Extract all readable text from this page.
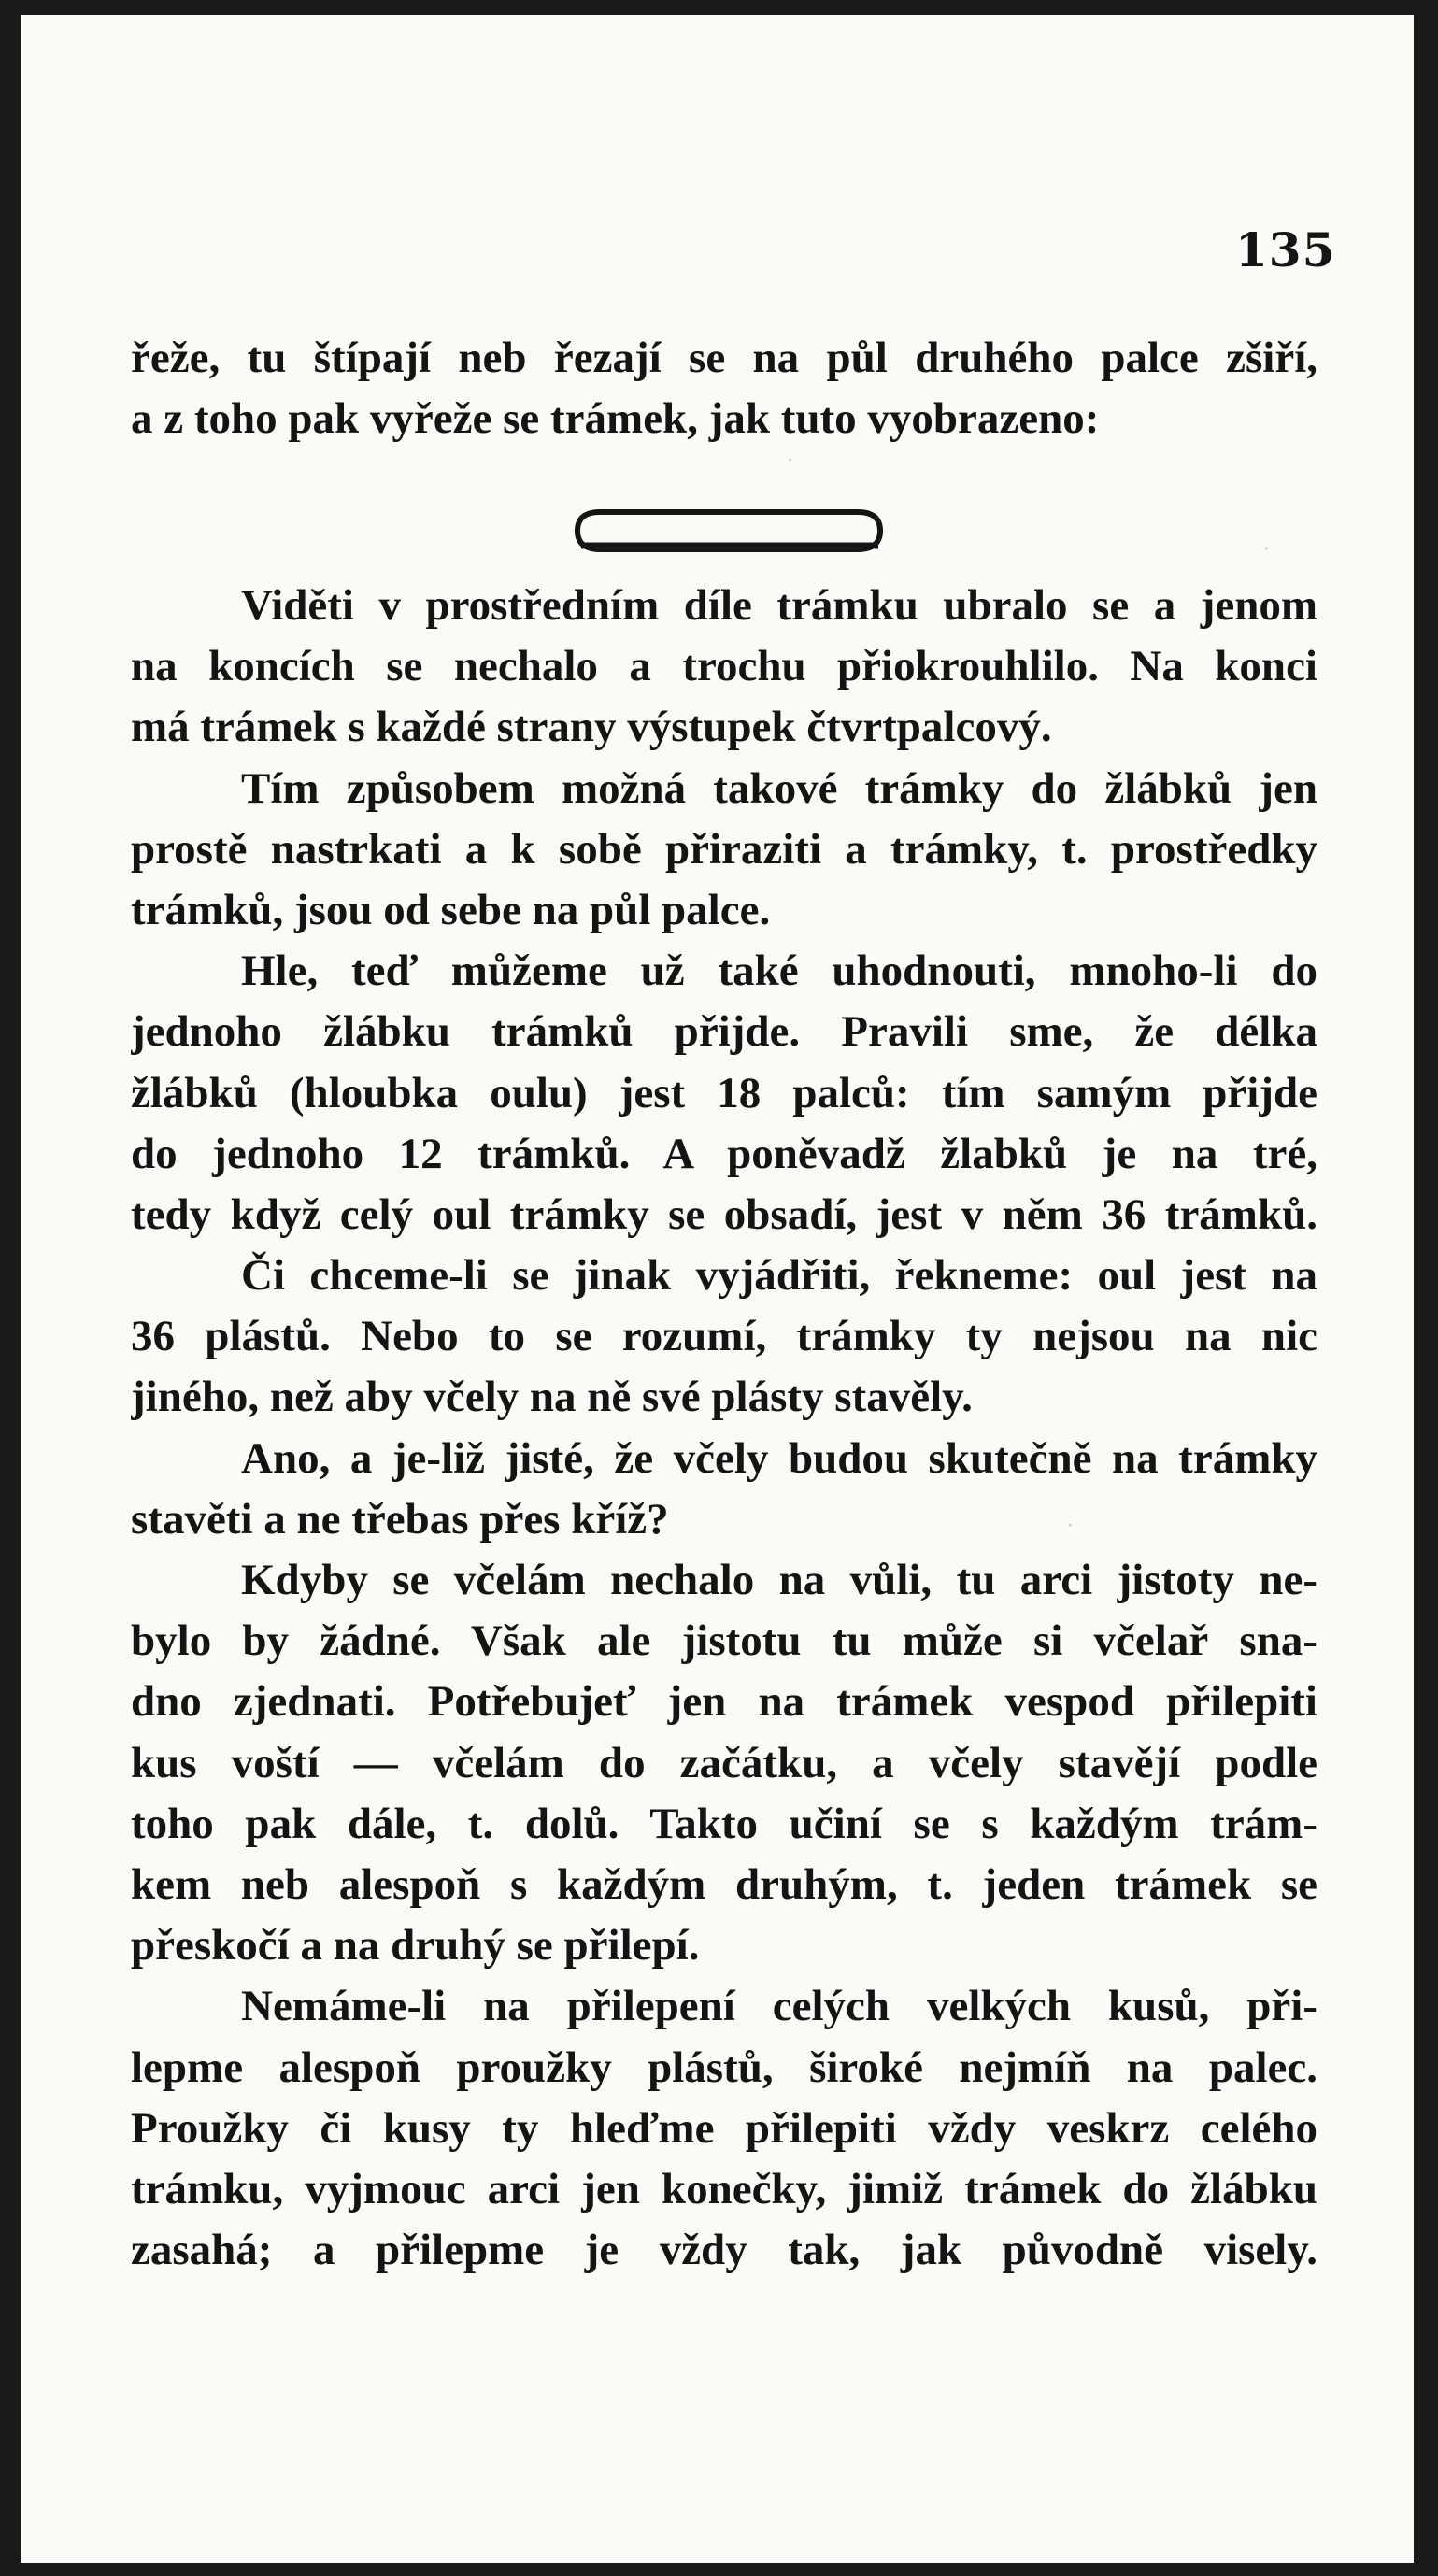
135
·
·
·
řeže, tu štípají neb řezají se na půl druhého palce zšiří,
a z toho pak vyřeže se trámek, jak tuto vyobrazeno:
Viděti v prostředním díle trámku ubralo se a jenom
na koncích se nechalo a trochu přiokrouhlilo. Na konci
má trámek s každé strany výstupek čtvrtpalcový.
Tím způsobem možná takové trámky do žlábků jen
prostě nastrkati a k sobě přiraziti a trámky, t. prostředky
trámků, jsou od sebe na půl palce.
Hle, teď můžeme už také uhodnouti, mnoho-li do
jednoho žlábku trámků přijde. Pravili sme, že délka
žlábků (hloubka oulu) jest 18 palců: tím samým přijde
do jednoho 12 trámků. A poněvadž žlabků je na tré,
tedy když celý oul trámky se obsadí, jest v něm 36 trámků.
Či chceme-li se jinak vyjádřiti, řekneme: oul jest na
36 plástů. Nebo to se rozumí, trámky ty nejsou na nic
jiného, než aby včely na ně své plásty stavěly.
Ano, a je-liž jisté, že včely budou skutečně na trámky
stavěti a ne třebas přes kříž?
Kdyby se včelám nechalo na vůli, tu arci jistoty ne-
bylo by žádné. Však ale jistotu tu může si včelař sna-
dno zjednati. Potřebujeť jen na trámek vespod přilepiti
kus voští — včelám do začátku, a včely stavějí podle
toho pak dále, t. dolů. Takto učiní se s každým trám-
kem neb alespoň s každým druhým, t. jeden trámek se
přeskočí a na druhý se přilepí.
Nemáme-li na přilepení celých velkých kusů, při-
lepme alespoň proužky plástů, široké nejmíň na palec.
Proužky či kusy ty hleďme přilepiti vždy veskrz celého
trámku, vyjmouc arci jen konečky, jimiž trámek do žlábku
zasahá; a přilepme je vždy tak, jak původně visely.
